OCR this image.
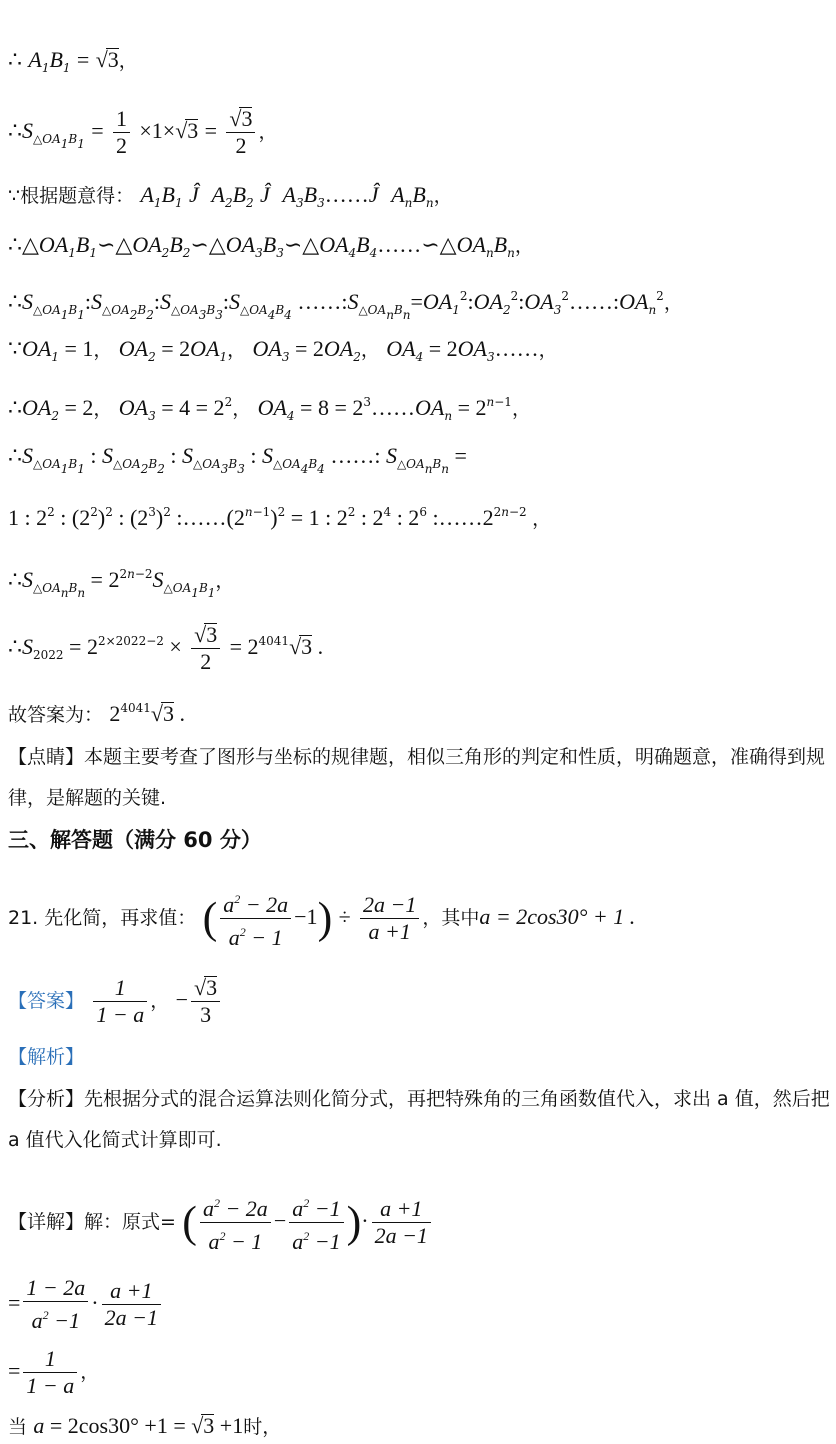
∴ $A_1B_1 = √3$，
$\therefore S_{\triangle OA_1B_1} = \frac{1}{2} \times 1\times√3 = \frac{√3}{2}$ ，
∵根据题意得： $A_1B_1$ Ĵ $A_2B_2$ Ĵ $A_3B_3\dots\dots Ĵ$ $A_nB_n$，
$\therefore\triangle OA_1B_1∽\triangle OA_2B_2∽\triangle OA_3B_3∽\triangle OA_4B_4\dots\dots∽\triangle OA_nB_n$，
$\therefore S_{\triangle OA_1B_1}:S_{\triangle OA_2B_2}:S_{\triangle OA_3B_3}:S_{\triangle OA_4B_4}$ $\dots\dots:S_{\triangle OA_nB_n}=OA_1^2:OA_2^2:OA_3^2\dots\dots:OA_n^2$，
$\because OA_1 = 1$， $OA_2 = 2OA_1$， $OA_3 = 2OA_2$， $OA_4$ = $2OA_3\dots\dots$，
$\therefore OA_2 = 2$， $OA_3 = 4 = 2^2$， $OA_4 = 8$ = $2^3\dots\dots OA_n = 2^{n-1}$，
$\therefore S_{\triangle OA_1B_1}$ : $S_{\triangle OA_2B_2}$ : $S_{\triangle OA_3B_3}$ : $S_{\triangle OA_4B_4}$ ……: $S_{\triangle OA_nB_n}$ =
1 : $2^2$ : $(2^2)^2$ : $(2^3)^2$ $:\dots\dots(2^{n-1})^2 = 1$ : $2^2$ : $2^4$ : $2^6$ $:\dots\dots 2^{2n-2}$ ，
$\therefore S_{\triangle OA_nB_n} = 2^{2n-2}S_{\triangle OA_1B_1}$，
$\therefore S_{2022} = 2^{2\times 2022-2} \times \frac{√3}{2} = 2^{4041}√3$ .
故答案为： $2^{4041}√3$ .
【点睛】本题主要考查了图形与坐标的规律题，相似三角形的判定和性质，明确题意，准确得到规律，是解题的关键.
三、解答题（满分 60 分）
21. 先化简，再求值： ( $\frac{a^2 - 2a}{a^2 - 1} -1) \div \frac{2a -1}{a +1}$ ，其中a = 2cos30° + 1 .
【答案】 $\frac{1}{1 - a}$ ， − $\frac{√3}{3}$
【解析】
【分析】先根据分式的混合运算法则化简分式，再把特殊角的三角函数值代入，求出 a 值，然后把 a 值代入化简式计算即可.
【详解】解：原式= ( $\frac{a^2 - 2a}{a^2 - 1} - \frac{a^2 -1}{a^2 -1}$ )· $\frac{a +1}{2a -1}$
= $\frac{1 - 2a}{a^2 -1} \cdot \frac{a +1}{2a -1}$
= $\frac{1}{1 - a}$ ，
当 a = 2cos30° +1 = √3 +1时，
